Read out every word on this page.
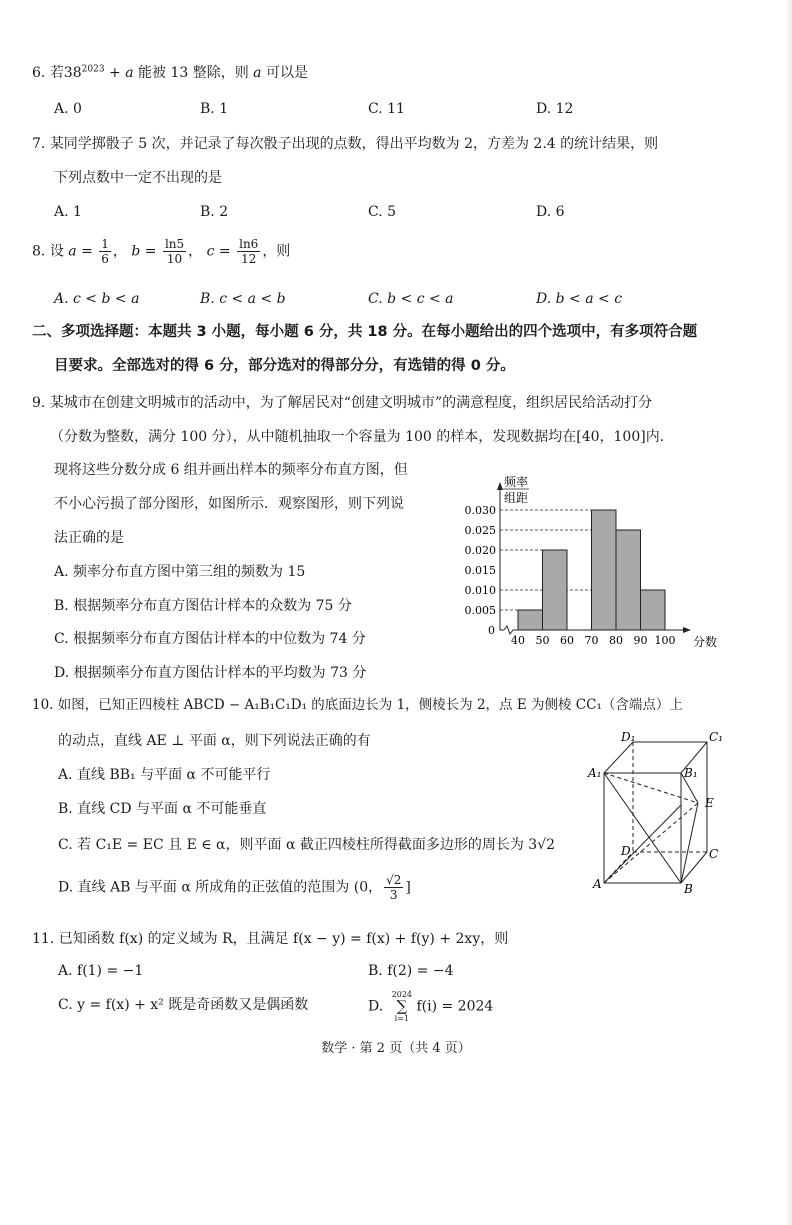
6. 若$38^{2023} + a$ 能被 13 整除，则 a 可以是
A. 0	B. 1	C. 11	D. 12
7. 某同学掷骰子 5 次，并记录了每次骰子出现的点数，得出平均数为 2，方差为 2.4 的统计结果，则
下列点数中一定不出现的是
A. 1	B. 2	C. 5	D. 6
8. 设 $a = \frac{1}{6}$ ， $b = \frac{\ln 5}{10}$ ， $c = \frac{\ln 6}{12}$ ，则
A. c < b < a	B. c < a < b	C. b < c < a	D. b < a < c
二、多项选择题：本题共 3 小题，每小题 6 分，共 18 分。在每小题给出的四个选项中，有多项符合题
目要求。全部选对的得 6 分，部分选对的得部分分，有选错的得 0 分。
9. 某城市在创建文明城市的活动中，为了解居民对“创建文明城市”的满意程度，组织居民给活动打分
（分数为整数，满分 100 分），从中随机抽取一个容量为 100 的样本，发现数据均在[40，100]内．
现将这些分数分成 6 组并画出样本的频率分布直方图，但
不小心污损了部分图形，如图所示．观察图形，则下列说
法正确的是
A. 频率分布直方图中第三组的频数为 15
B. 根据频率分布直方图估计样本的众数为 75 分
C. 根据频率分布直方图估计样本的中位数为 74 分
D. 根据频率分布直方图估计样本的平均数为 73 分
0.030
0.025
0.020
0.015
0.010
0.005
0
40 50 60 70 80 90 100 分数
频率
组距
10. 如图，已知正四棱柱 ABCD − A₁B₁C₁D₁ 的底面边长为 1，侧棱长为 2，点 E 为侧棱 CC₁（含端点）上
的动点，直线 AE ⊥ 平面 α，则下列说法正确的有
A. 直线 BB₁ 与平面 α 不可能平行
B. 直线 CD 与平面 α 不可能垂直
C. 若 C₁E = EC 且 E ∈ α，则平面 α 截正四棱柱所得截面多边形的周长为 3√2
D. 直线 AB 与平面 α 所成角的正弦值的范围为 (0， $\frac{√2}{3}$ ]
D₁	C₁
A₁	B₁
E
D	C
A	B
11. 已知函数 f(x) 的定义域为 R，且满足 f(x − y) = f(x) + f(y) + 2xy，则
A. f(1) = −1	B. f(2) = −4
C. y = f(x) + x² 既是奇函数又是偶函数	D.
2024
∑
i=1
f(i) = 2024
数学 · 第 2 页（共 4 页）
